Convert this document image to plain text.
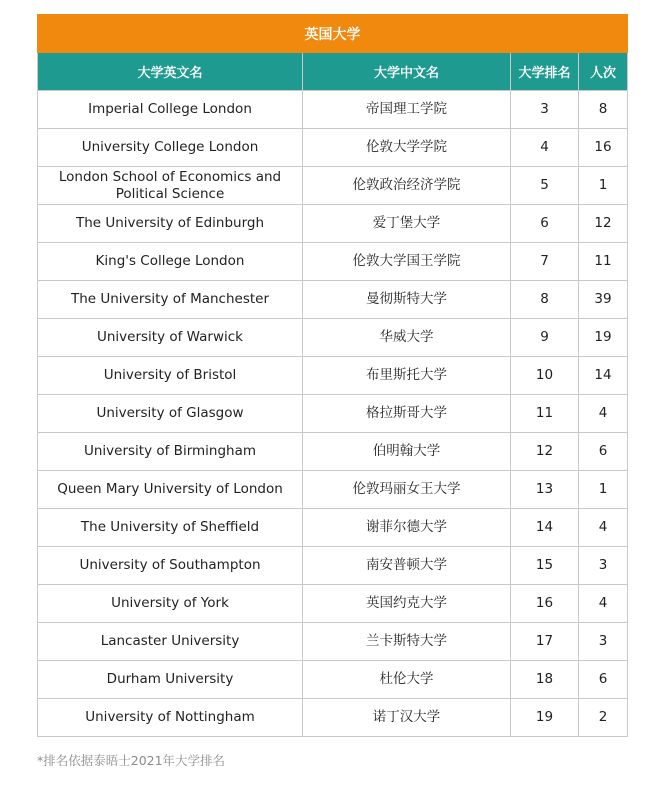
英国大学			
大学英文名	大学中文名	大学排名	人次
Imperial College London	帝国理工学院	3	8
University College London	伦敦大学学院	4	16
London School of Economics and Political Science	伦敦政治经济学院	5	1
The University of Edinburgh	爱丁堡大学	6	12
King's College London	伦敦大学国王学院	7	11
The University of Manchester	曼彻斯特大学	8	39
University of Warwick	华威大学	9	19
University of Bristol	布里斯托大学	10	14
University of Glasgow	格拉斯哥大学	11	4
University of Birmingham	伯明翰大学	12	6
Queen Mary University of London	伦敦玛丽女王大学	13	1
The University of Sheffield	谢菲尔德大学	14	4
University of Southampton	南安普顿大学	15	3
University of York	英国约克大学	16	4
Lancaster University	兰卡斯特大学	17	3
Durham University	杜伦大学	18	6
University of Nottingham	诺丁汉大学	19	2
*排名依据泰晤士2021年大学排名
